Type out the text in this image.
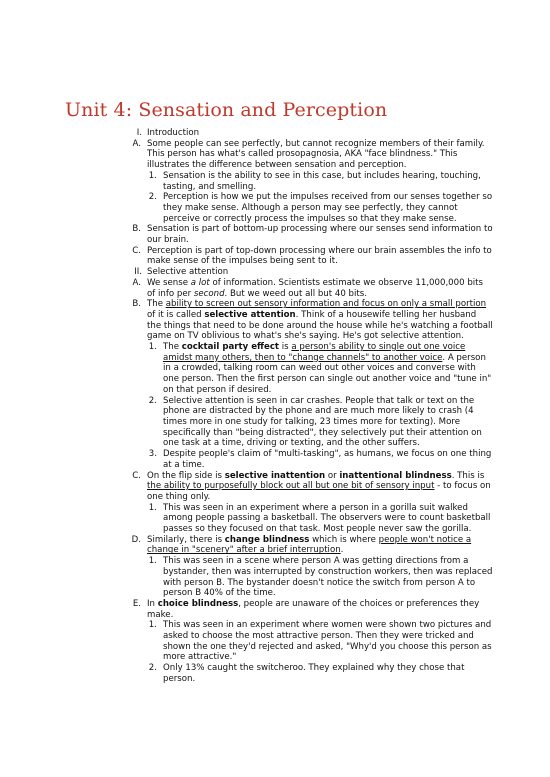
Unit 4: Sensation and Perception
I. Introduction
A. Some people can see perfectly, but cannot recognize members of their family. This person has what's called prosopagnosia, AKA "face blindness." This illustrates the difference between sensation and perception.
1. Sensation is the ability to see in this case, but includes hearing, touching, tasting, and smelling.
2. Perception is how we put the impulses received from our senses together so they make sense. Although a person may see perfectly, they cannot perceive or correctly process the impulses so that they make sense.
B. Sensation is part of bottom-up processing where our senses send information to our brain.
C. Perception is part of top-down processing where our brain assembles the info to make sense of the impulses being sent to it.
II. Selective attention
A. We sense a lot of information. Scientists estimate we observe 11,000,000 bits of info per second. But we weed out all but 40 bits.
B. The ability to screen out sensory information and focus on only a small portion of it is called selective attention. Think of a housewife telling her husband the things that need to be done around the house while he's watching a football game on TV oblivious to what's she's saying. He's got selective attention.
1. The cocktail party effect is a person's ability to single out one voice amidst many others, then to "change channels" to another voice. A person in a crowded, talking room can weed out other voices and converse with one person. Then the first person can single out another voice and "tune in" on that person if desired.
2. Selective attention is seen in car crashes. People that talk or text on the phone are distracted by the phone and are much more likely to crash (4 times more in one study for talking, 23 times more for texting). More specifically than "being distracted", they selectively put their attention on one task at a time, driving or texting, and the other suffers.
3. Despite people's claim of "multi-tasking", as humans, we focus on one thing at a time.
C. On the flip side is selective inattention or inattentional blindness. This is the ability to purposefully block out all but one bit of sensory input - to focus on one thing only.
1. This was seen in an experiment where a person in a gorilla suit walked among people passing a basketball. The observers were to count basketball passes so they focused on that task. Most people never saw the gorilla.
D. Similarly, there is change blindness which is where people won't notice a change in "scenery" after a brief interruption.
1. This was seen in a scene where person A was getting directions from a bystander, then was interrupted by construction workers, then was replaced with person B. The bystander doesn't notice the switch from person A to person B 40% of the time.
E. In choice blindness, people are unaware of the choices or preferences they make.
1. This was seen in an experiment where women were shown two pictures and asked to choose the most attractive person. Then they were tricked and shown the one they'd rejected and asked, "Why'd you choose this person as more attractive."
2. Only 13% caught the switcheroo. They explained why they chose that person.
